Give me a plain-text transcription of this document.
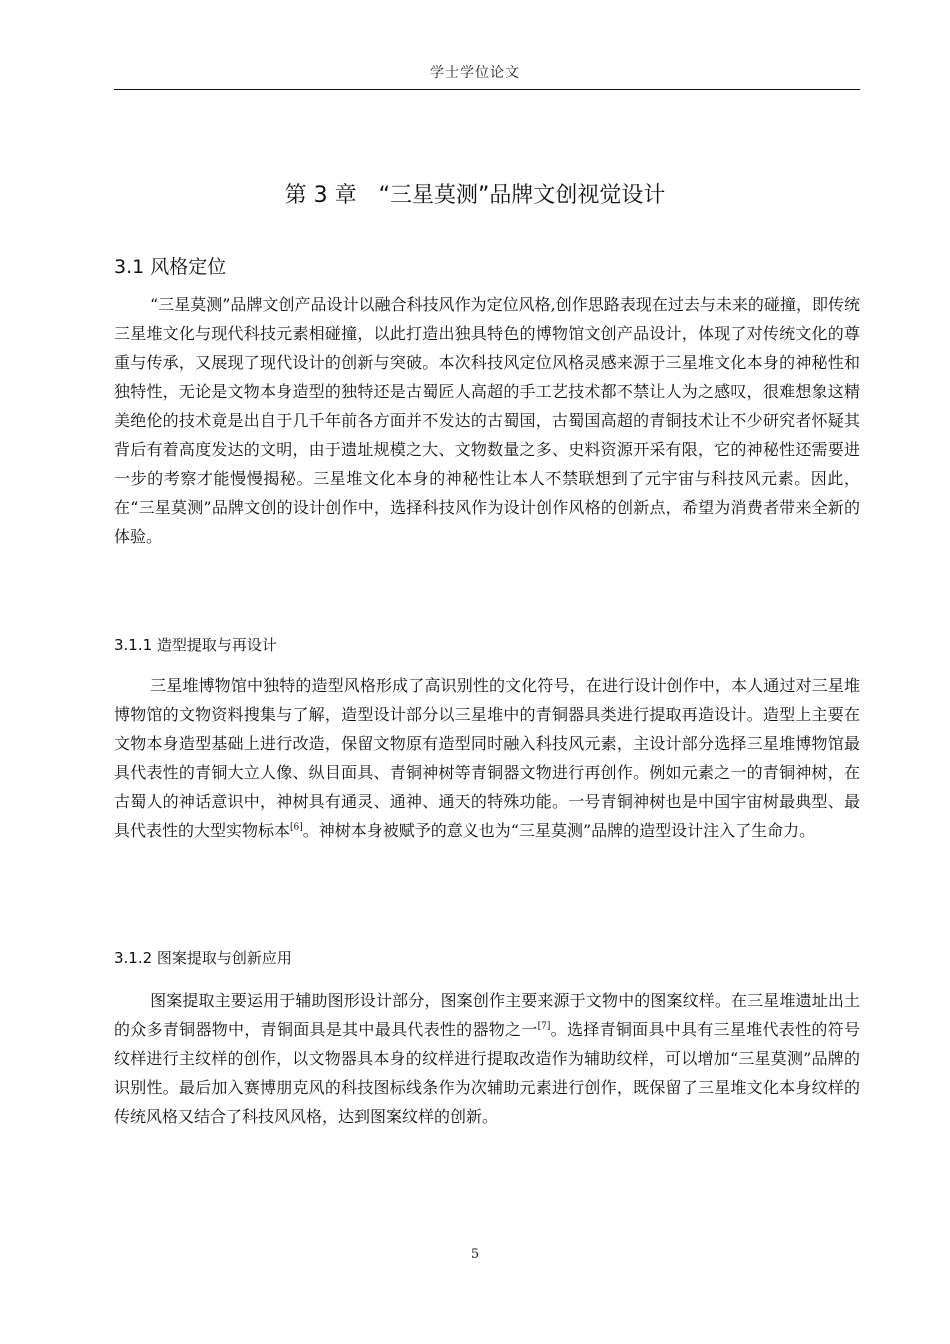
学士学位论文
第 3 章　“三星莫测”品牌文创视觉设计
3.1 风格定位

“三星莫测”品牌文创产品设计以融合科技风作为定位风格,创作思路表现在过去与未来的碰撞，即传统三星堆文化与现代科技元素相碰撞，以此打造出独具特色的博物馆文创产品设计，体现了对传统文化的尊重与传承，又展现了现代设计的创新与突破。本次科技风定位风格灵感来源于三星堆文化本身的神秘性和独特性，无论是文物本身造型的独特还是古蜀匠人高超的手工艺技术都不禁让人为之感叹，很难想象这精美绝伦的技术竟是出自于几千年前各方面并不发达的古蜀国，古蜀国高超的青铜技术让不少研究者怀疑其背后有着高度发达的文明，由于遗址规模之大、文物数量之多、史料资源开采有限，它的神秘性还需要进一步的考察才能慢慢揭秘。三星堆文化本身的神秘性让本人不禁联想到了元宇宙与科技风元素。因此，在“三星莫测”品牌文创的设计创作中，选择科技风作为设计创作风格的创新点，希望为消费者带来全新的体验。

3.1.1 造型提取与再设计

三星堆博物馆中独特的造型风格形成了高识别性的文化符号，在进行设计创作中，本人通过对三星堆博物馆的文物资料搜集与了解，造型设计部分以三星堆中的青铜器具类进行提取再造设计。造型上主要在文物本身造型基础上进行改造，保留文物原有造型同时融入科技风元素，主设计部分选择三星堆博物馆最具代表性的青铜大立人像、纵目面具、青铜神树等青铜器文物进行再创作。例如元素之一的青铜神树，在古蜀人的神话意识中，神树具有通灵、通神、通天的特殊功能。一号青铜神树也是中国宇宙树最典型、最具代表性的大型实物标本[6]。神树本身被赋予的意义也为“三星莫测”品牌的造型设计注入了生命力。

3.1.2 图案提取与创新应用

图案提取主要运用于辅助图形设计部分，图案创作主要来源于文物中的图案纹样。在三星堆遗址出土的众多青铜器物中，青铜面具是其中最具代表性的器物之一[7]。选择青铜面具中具有三星堆代表性的符号纹样进行主纹样的创作，以文物器具本身的纹样进行提取改造作为辅助纹样，可以增加“三星莫测”品牌的识别性。最后加入赛博朋克风的科技图标线条作为次辅助元素进行创作，既保留了三星堆文化本身纹样的传统风格又结合了科技风风格，达到图案纹样的创新。

5
